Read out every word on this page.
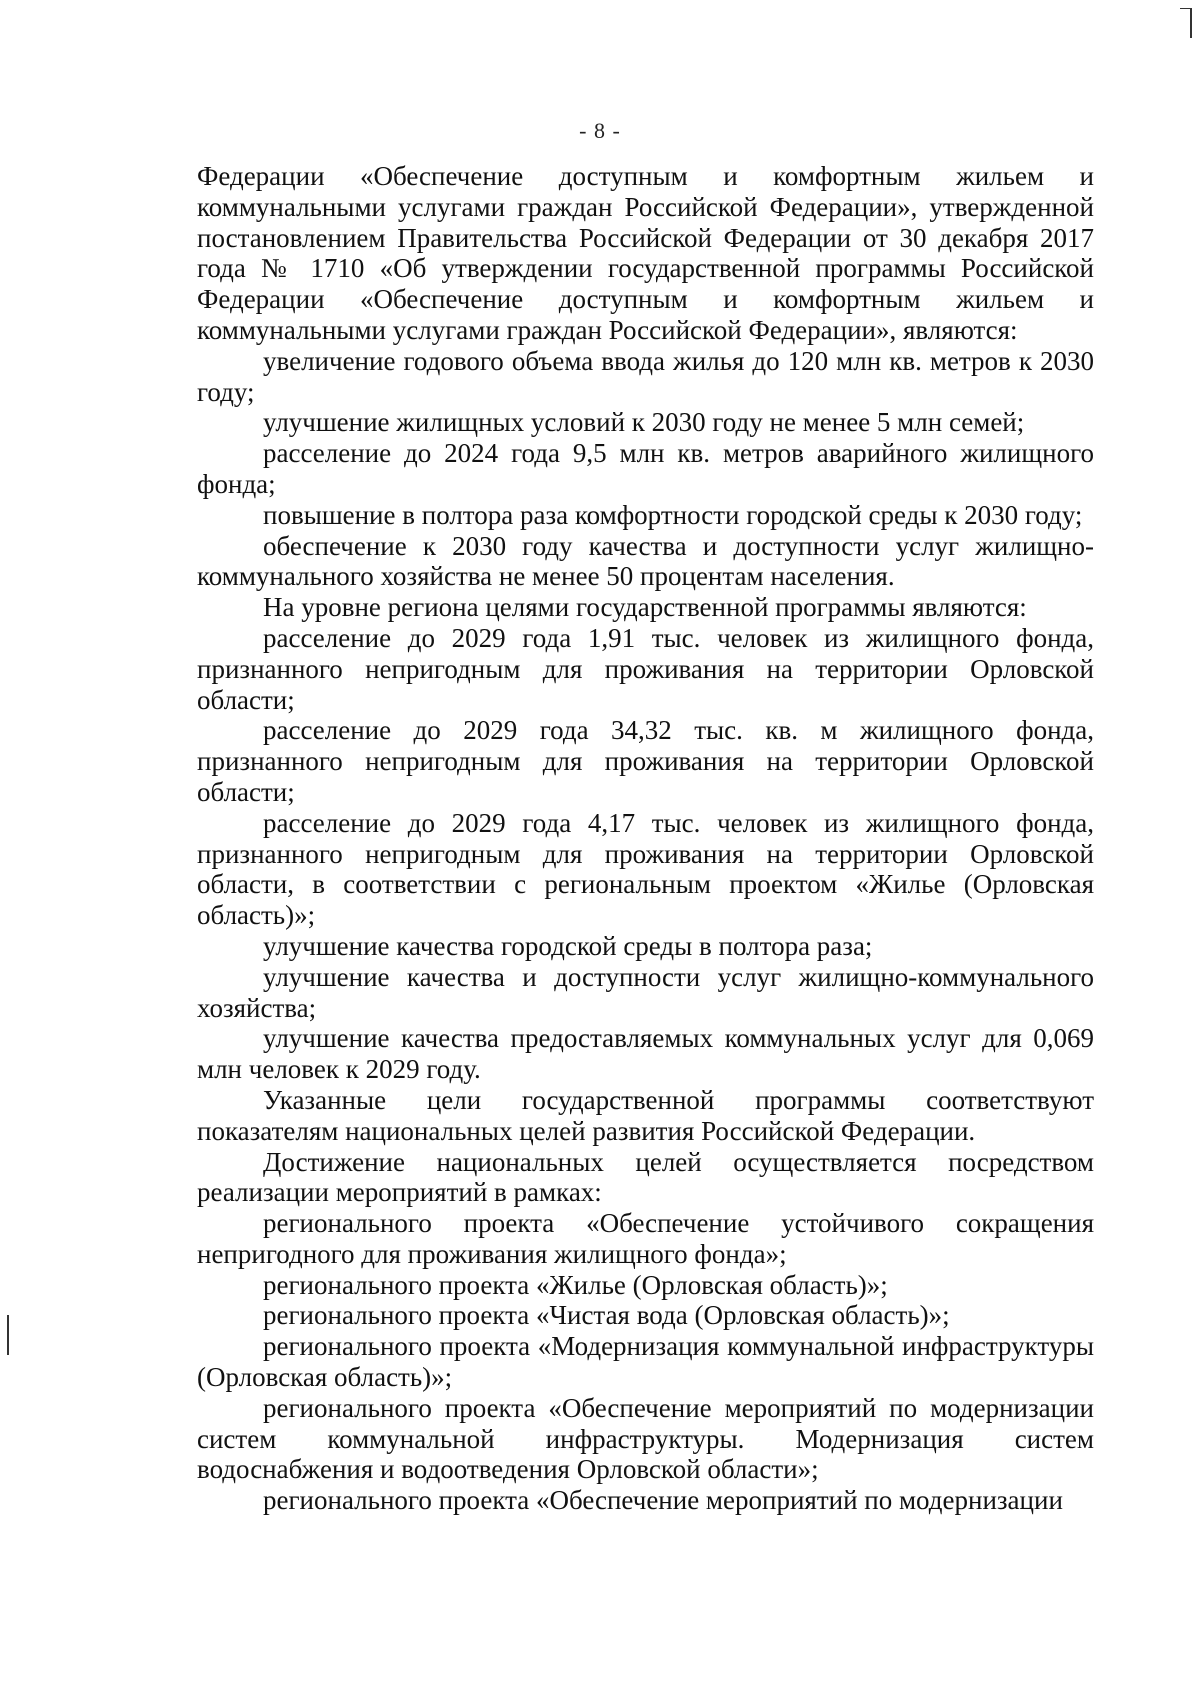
- 8 -

Федерации «Обеспечение доступным и комфортным жильем и коммунальными услугами граждан Российской Федерации», утвержденной постановлением Правительства Российской Федерации от 30 декабря 2017 года № 1710 «Об утверждении государственной программы Российской Федерации «Обеспечение доступным и комфортным жильем и коммунальными услугами граждан Российской Федерации», являются:

увеличение годового объема ввода жилья до 120 млн кв. метров к 2030 году;

улучшение жилищных условий к 2030 году не менее 5 млн семей;

расселение до 2024 года 9,5 млн кв. метров аварийного жилищного фонда;

повышение в полтора раза комфортности городской среды к 2030 году;

обеспечение к 2030 году качества и доступности услуг жилищно-коммунального хозяйства не менее 50 процентам населения.

На уровне региона целями государственной программы являются:

расселение до 2029 года 1,91 тыс. человек из жилищного фонда, признанного непригодным для проживания на территории Орловской области;

расселение до 2029 года 34,32 тыс. кв. м жилищного фонда, признанного непригодным для проживания на территории Орловской области;

расселение до 2029 года 4,17 тыс. человек из жилищного фонда, признанного непригодным для проживания на территории Орловской области, в соответствии с региональным проектом «Жилье (Орловская область)»;

улучшение качества городской среды в полтора раза;

улучшение качества и доступности услуг жилищно-коммунального хозяйства;

улучшение качества предоставляемых коммунальных услуг для 0,069 млн человек к 2029 году.

Указанные цели государственной программы соответствуют показателям национальных целей развития Российской Федерации.

Достижение национальных целей осуществляется посредством реализации мероприятий в рамках:

регионального проекта «Обеспечение устойчивого сокращения непригодного для проживания жилищного фонда»;

регионального проекта «Жилье (Орловская область)»;

регионального проекта «Чистая вода (Орловская область)»;

регионального проекта «Модернизация коммунальной инфраструктуры (Орловская область)»;

регионального проекта «Обеспечение мероприятий по модернизации систем коммунальной инфраструктуры. Модернизация систем водоснабжения и водоотведения Орловской области»;

регионального проекта «Обеспечение мероприятий по модернизации
